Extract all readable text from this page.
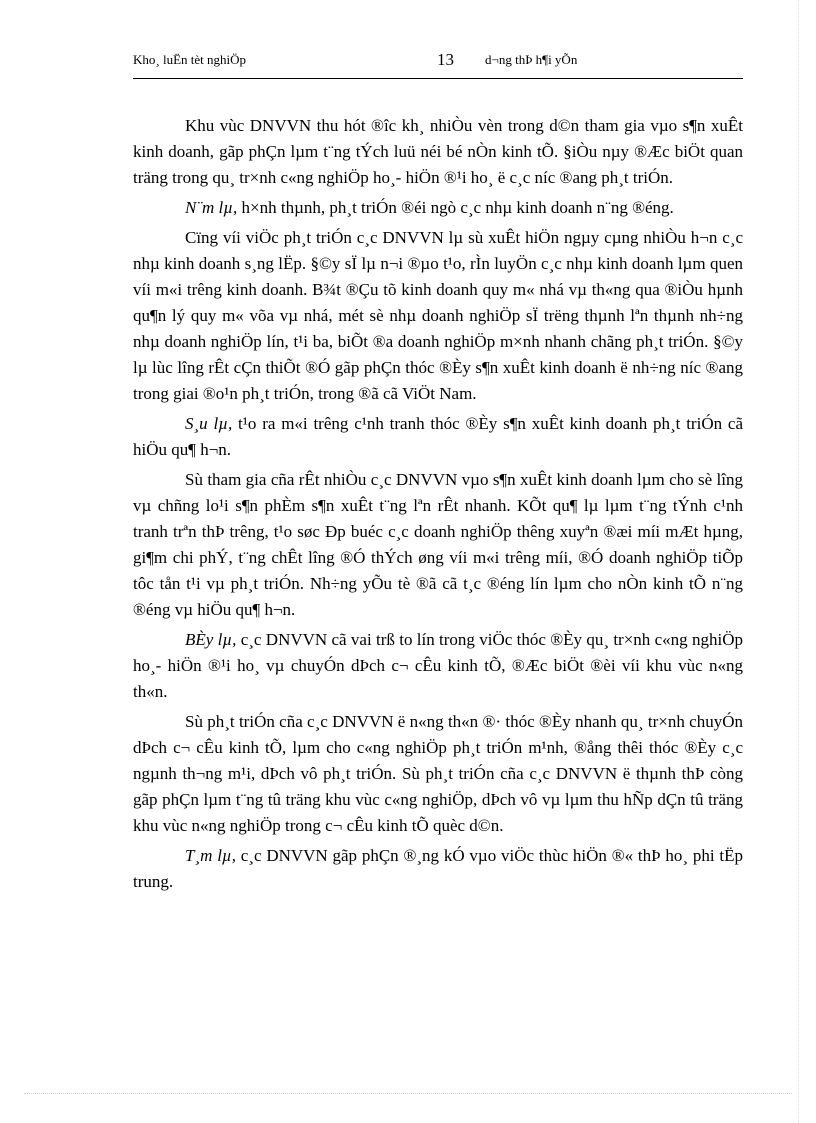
Kho¸ luËn tèt nghiÖp	13 d¬ng thÞ h¶i yÕn

Khu vùc DNVVN thu hót ®îc kh¸ nhiÒu vèn trong d©n tham gia vµo s¶n xuÊt kinh doanh, gãp phÇn lµm t¨ng tÝch luü néi bé nÒn kinh tÕ. §iÒu nµy ®Æc biÖt quan träng trong qu¸ tr×nh c«ng nghiÖp ho¸- hiÖn ®¹i ho¸ ë c¸c níc ®ang ph¸t triÓn.

N¨m lµ, h×nh thµnh, ph¸t triÓn ®éi ngò c¸c nhµ kinh doanh n¨ng ®éng.

Cïng víi viÖc ph¸t triÓn c¸c DNVVN lµ sù xuÊt hiÖn ngµy cµng nhiÒu h¬n c¸c nhµ kinh doanh s¸ng lËp. §©y sÏ lµ n¬i ®µo t¹o, rÌn luyÖn c¸c nhµ kinh doanh lµm quen víi m«i trêng kinh doanh. B¾t ®Çu tõ kinh doanh quy m« nhá vµ th«ng qua ®iÒu hµnh qu¶n lý quy m« võa vµ nhá, mét sè nhµ doanh nghiÖp sÏ trëng thµnh lªn thµnh nh÷ng nhµ doanh nghiÖp lín, t¹i ba, biÕt ®a doanh nghiÖp m×nh nhanh chãng ph¸t triÓn. §©y lµ lùc lîng rÊt cÇn thiÕt ®Ó gãp phÇn thóc ®Èy s¶n xuÊt kinh doanh ë nh÷ng níc ®ang trong giai ®o¹n ph¸t triÓn, trong ®ã cã ViÖt Nam.

S¸u lµ, t¹o ra m«i trêng c¹nh tranh thóc ®Èy s¶n xuÊt kinh doanh ph¸t triÓn cã hiÖu qu¶ h¬n.

Sù tham gia cña rÊt nhiÒu c¸c DNVVN vµo s¶n xuÊt kinh doanh lµm cho sè lîng vµ chñng lo¹i s¶n phÈm s¶n xuÊt t¨ng lªn rÊt nhanh. KÕt qu¶ lµ lµm t¨ng tÝnh c¹nh tranh trªn thÞ trêng, t¹o søc Ðp buéc c¸c doanh nghiÖp thêng xuyªn ®æi míi mÆt hµng, gi¶m chi phÝ, t¨ng chÊt lîng ®Ó thÝch øng víi m«i trêng míi, ®Ó doanh nghiÖp tiÕp tôc tån t¹i vµ ph¸t triÓn. Nh÷ng yÕu tè ®ã cã t¸c ®éng lín lµm cho nÒn kinh tÕ n¨ng ®éng vµ hiÖu qu¶ h¬n.

BÈy lµ, c¸c DNVVN cã vai trß to lín trong viÖc thóc ®Èy qu¸ tr×nh c«ng nghiÖp ho¸- hiÖn ®¹i ho¸ vµ chuyÓn dÞch c¬ cÊu kinh tÕ, ®Æc biÖt ®èi víi khu vùc n«ng th«n.

Sù ph¸t triÓn cña c¸c DNVVN ë n«ng th«n ®· thóc ®Èy nhanh qu¸ tr×nh chuyÓn dÞch c¬ cÊu kinh tÕ, lµm cho c«ng nghiÖp ph¸t triÓn m¹nh, ®ång thêi thóc ®Èy c¸c ngµnh th¬ng m¹i, dÞch vô ph¸t triÓn. Sù ph¸t triÓn cña c¸c DNVVN ë thµnh thÞ còng gãp phÇn lµm t¨ng tû träng khu vùc c«ng nghiÖp, dÞch vô vµ lµm thu hÑp dÇn tû träng khu vùc n«ng nghiÖp trong c¬ cÊu kinh tÕ quèc d©n.

T¸m lµ, c¸c DNVVN gãp phÇn ®¸ng kÓ vµo viÖc thùc hiÖn ®« thÞ ho¸ phi tËp trung.
